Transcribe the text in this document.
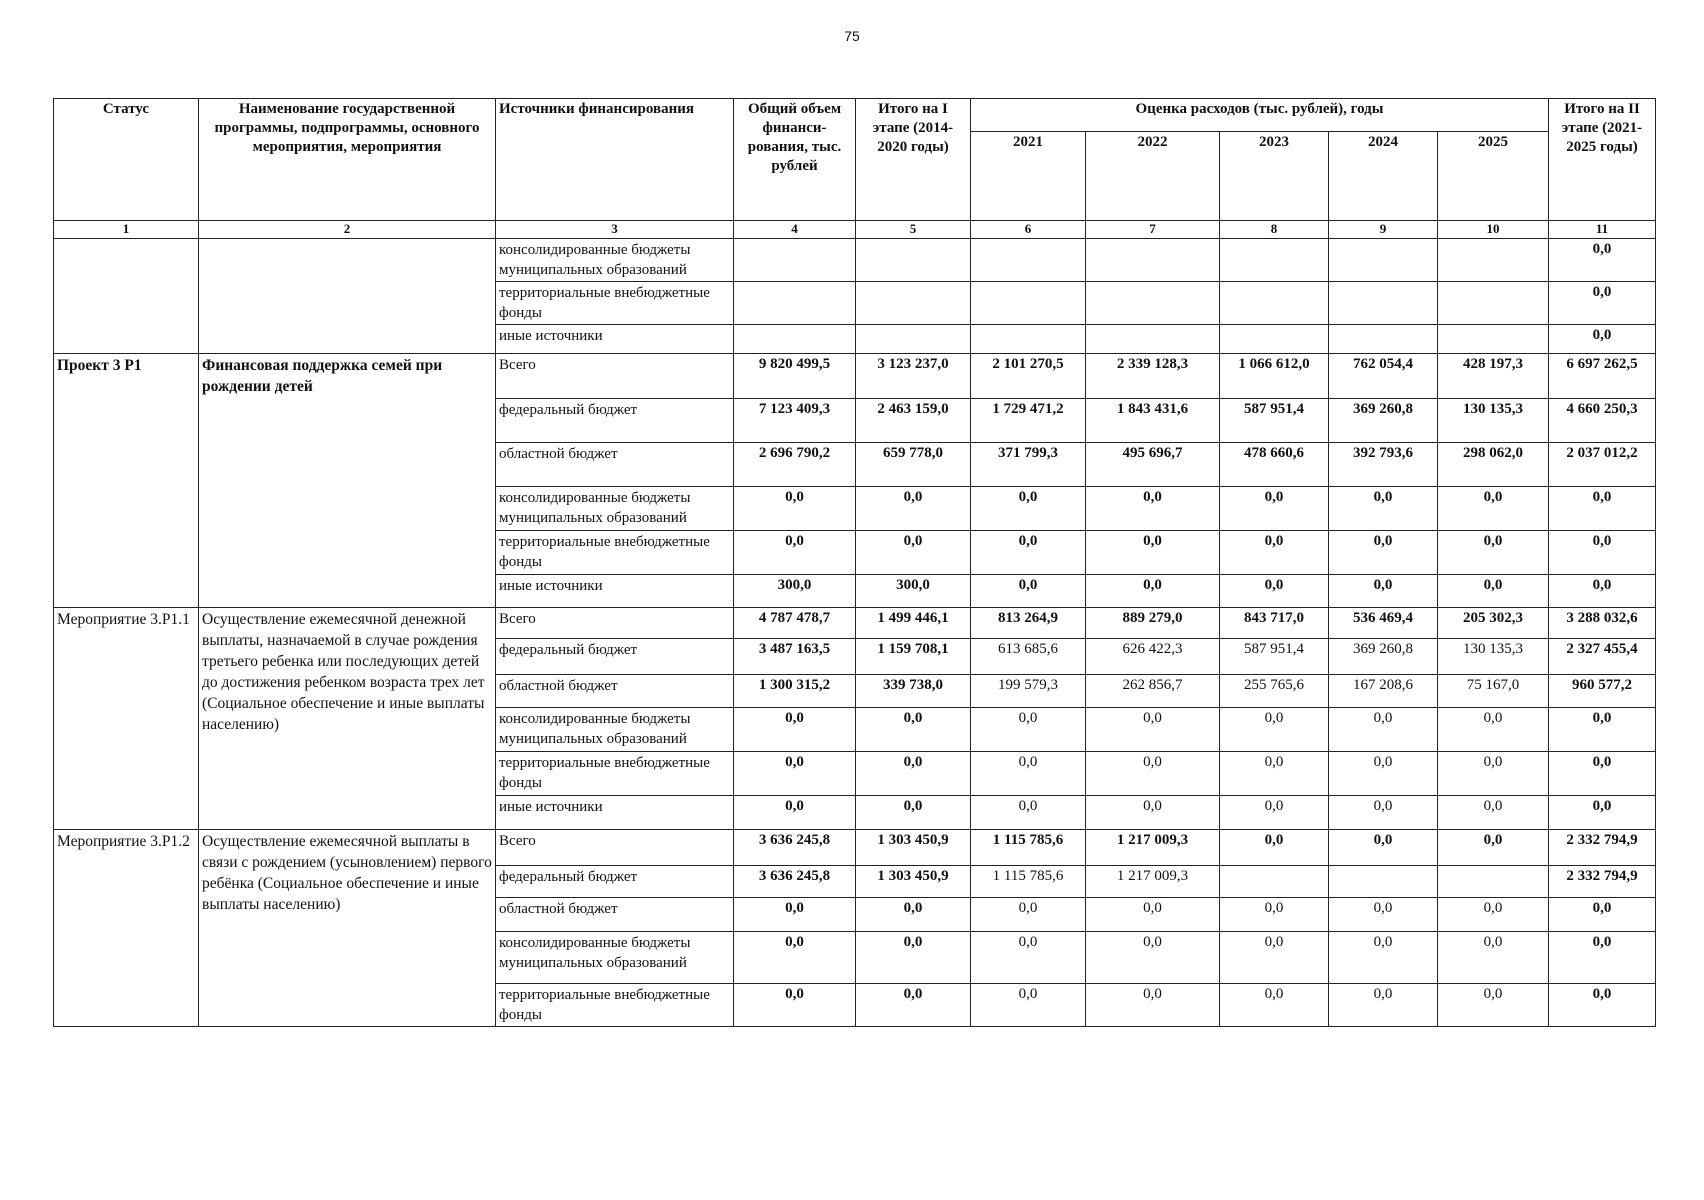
75
Статус	Наименование государственной программы, подпрограммы, основного мероприятия, мероприятия	Источники финансирования	Общий объем финанси-рования, тыс. рублей	Итого на I этапе (2014-2020 годы)	Оценка расходов (тыс. рублей), годы					Итого на II этапе (2021-2025 годы)
					2021	2022	2023	2024	2025	
1	2	3	4	5	6	7	8	9	10	11
		консолидированные бюджеты муниципальных образований								0,0
		территориальные внебюджетные фонды								0,0
		иные источники								0,0
Проект 3 Р1	Финансовая поддержка семей при рождении детей	Всего	9 820 499,5	3 123 237,0	2 101 270,5	2 339 128,3	1 066 612,0	762 054,4	428 197,3	6 697 262,5
		федеральный бюджет	7 123 409,3	2 463 159,0	1 729 471,2	1 843 431,6	587 951,4	369 260,8	130 135,3	4 660 250,3
		областной бюджет	2 696 790,2	659 778,0	371 799,3	495 696,7	478 660,6	392 793,6	298 062,0	2 037 012,2
		консолидированные бюджеты муниципальных образований	0,0	0,0	0,0	0,0	0,0	0,0	0,0	0,0
		территориальные внебюджетные фонды	0,0	0,0	0,0	0,0	0,0	0,0	0,0	0,0
		иные источники	300,0	300,0	0,0	0,0	0,0	0,0	0,0	0,0
Мероприятие 3.Р1.1	Осуществление ежемесячной денежной выплаты, назначаемой в случае рождения третьего ребенка или последующих детей до достижения ребенком возраста трех лет (Социальное обеспечение и иные выплаты населению)	Всего	4 787 478,7	1 499 446,1	813 264,9	889 279,0	843 717,0	536 469,4	205 302,3	3 288 032,6
		федеральный бюджет	3 487 163,5	1 159 708,1	613 685,6	626 422,3	587 951,4	369 260,8	130 135,3	2 327 455,4
		областной бюджет	1 300 315,2	339 738,0	199 579,3	262 856,7	255 765,6	167 208,6	75 167,0	960 577,2
		консолидированные бюджеты муниципальных образований	0,0	0,0	0,0	0,0	0,0	0,0	0,0	0,0
		территориальные внебюджетные фонды	0,0	0,0	0,0	0,0	0,0	0,0	0,0	0,0
		иные источники	0,0	0,0	0,0	0,0	0,0	0,0	0,0	0,0
Мероприятие 3.Р1.2	Осуществление ежемесячной выплаты в связи с рождением (усыновлением) первого ребёнка (Социальное обеспечение и иные выплаты населению)	Всего	3 636 245,8	1 303 450,9	1 115 785,6	1 217 009,3	0,0	0,0	0,0	2 332 794,9
		федеральный бюджет	3 636 245,8	1 303 450,9	1 115 785,6	1 217 009,3				2 332 794,9
		областной бюджет	0,0	0,0	0,0	0,0	0,0	0,0	0,0	0,0
		консолидированные бюджеты муниципальных образований	0,0	0,0	0,0	0,0	0,0	0,0	0,0	0,0
		территориальные внебюджетные фонды	0,0	0,0	0,0	0,0	0,0	0,0	0,0	0,0
